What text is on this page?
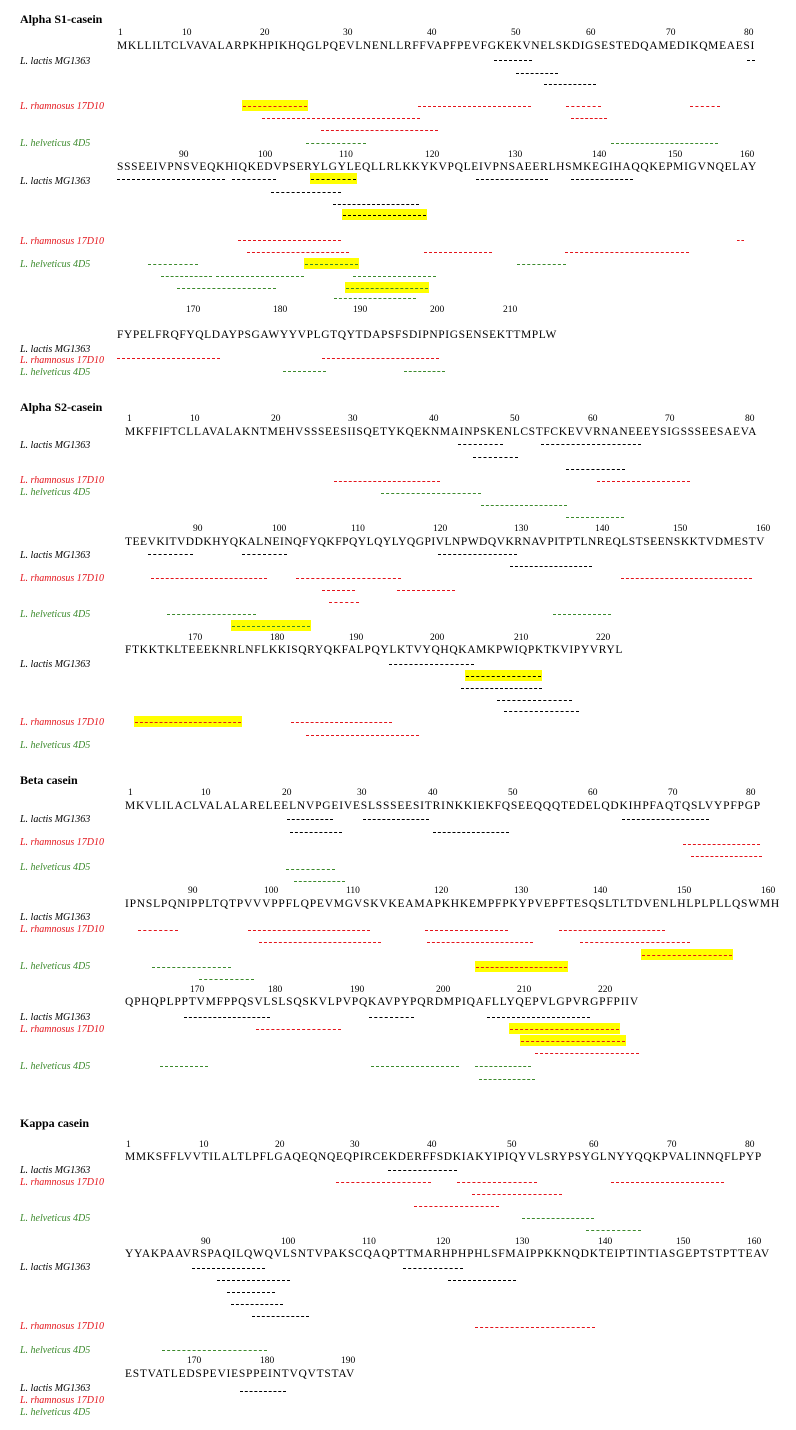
Alpha S1-casein
1	10	20	30	40	50	60	70	80
MKLLILTCLVAVALARPKHPIKHQGLPQEVLNENLLRFFVAPFPEVFGKEKVNELSKDIGSESTEDQAMEDIKQMEAESI
L. lactis MG1363
L. rhamnosus 17D10
L. helveticus 4D5
90	100	110	120	130	140	150	160
SSSEEIVPNSVEQKHIQKEDVPSERYLGYLEQLLRLKKYKVPQLEIVPNSAEERLHSMKEGIHAQQKEPMIGVNQELAY
L. lactis MG1363
L. rhamnosus 17D10
L. helveticus 4D5
170	180	190	200	210
FYPELFRQFYQLDAYPSGAWYYVPLGTQYTDAPSFSDIPNPIGSENSEKTTMPLW
L. lactis MG1363
L. rhamnosus 17D10
L. helveticus 4D5
Alpha S2-casein
1	10	20	30	40	50	60	70	80
MKFFIFTCLLAVALAKNTMEHVSSSEESIISQETYKQEKNMAINPSKENLCSTFCKEVVRNANEEEYSIGSSSEESAEVA
L. lactis MG1363
L. rhamnosus 17D10
L. helveticus 4D5
90	100	110	120	130	140	150	160
TEEVKITVDDKHYQKALNEINQFYQKFPQYLQYLYQGPIVLNPWDQVKRNAVPITPTLNREQLSTSEENSKKTVDMESTV
L. lactis MG1363
L. rhamnosus 17D10
L. helveticus 4D5
170	180	190	200	210	220
FTKKTKLTEEEKNRLNFLKKISQRYQKFALPQYLKTVYQHQKAMKPWIQPKTKVIPYVRYL
L. lactis MG1363
L. rhamnosus 17D10
L. helveticus 4D5
Beta casein
1	10	20	30	40	50	60	70	80
MKVLILACLVALALARELEELNVPGEIVESLSSSEESITRINKKIEKFQSEEQQQTEDELQDKIHPFAQTQSLVYPFPGP
L. lactis MG1363
L. rhamnosus 17D10
L. helveticus 4D5
90	100	110	120	130	140	150	160
IPNSLPQNIPPLTQTPVVVPPFLQPEVMGVSKVKEAMAPKHKEMPFPKYPVEPFTESQSLTLTDVENLHLPLPLLQSWMH
L. lactis MG1363
L. rhamnosus 17D10
L. helveticus 4D5
170	180	190	200	210	220
QPHQPLPPTVMFPPQSVLSLSQSKVLPVPQKAVPYPQRDMPIQAFLLYQEPVLGPVRGPFPIIV
L. lactis MG1363
L. rhamnosus 17D10
L. helveticus 4D5
Kappa casein
1	10	20	30	40	50	60	70	80
MMKSFFLVVTILALTLPFLGAQEQNQEQPIRCEKDERFFSDKIAKYIPIQYVLSRYPSYGLNYYQQKPVALINNQFLPYP
L. lactis MG1363
L. rhamnosus 17D10
L. helveticus 4D5
90	100	110	120	130	140	150	160
YYAKPAAVRSPAQILQWQVLSNTVPAKSCQAQPTTMARHPHPHLSFMAIPPKKNQDKTEIPTINTIASGEPTSTPTTEAV
L. lactis MG1363
L. rhamnosus 17D10
L. helveticus 4D5
170	180	190
ESTVATLEDSPEVIESPPEINTVQVTSTAV
L. lactis MG1363
L. rhamnosus 17D10
L. helveticus 4D5
